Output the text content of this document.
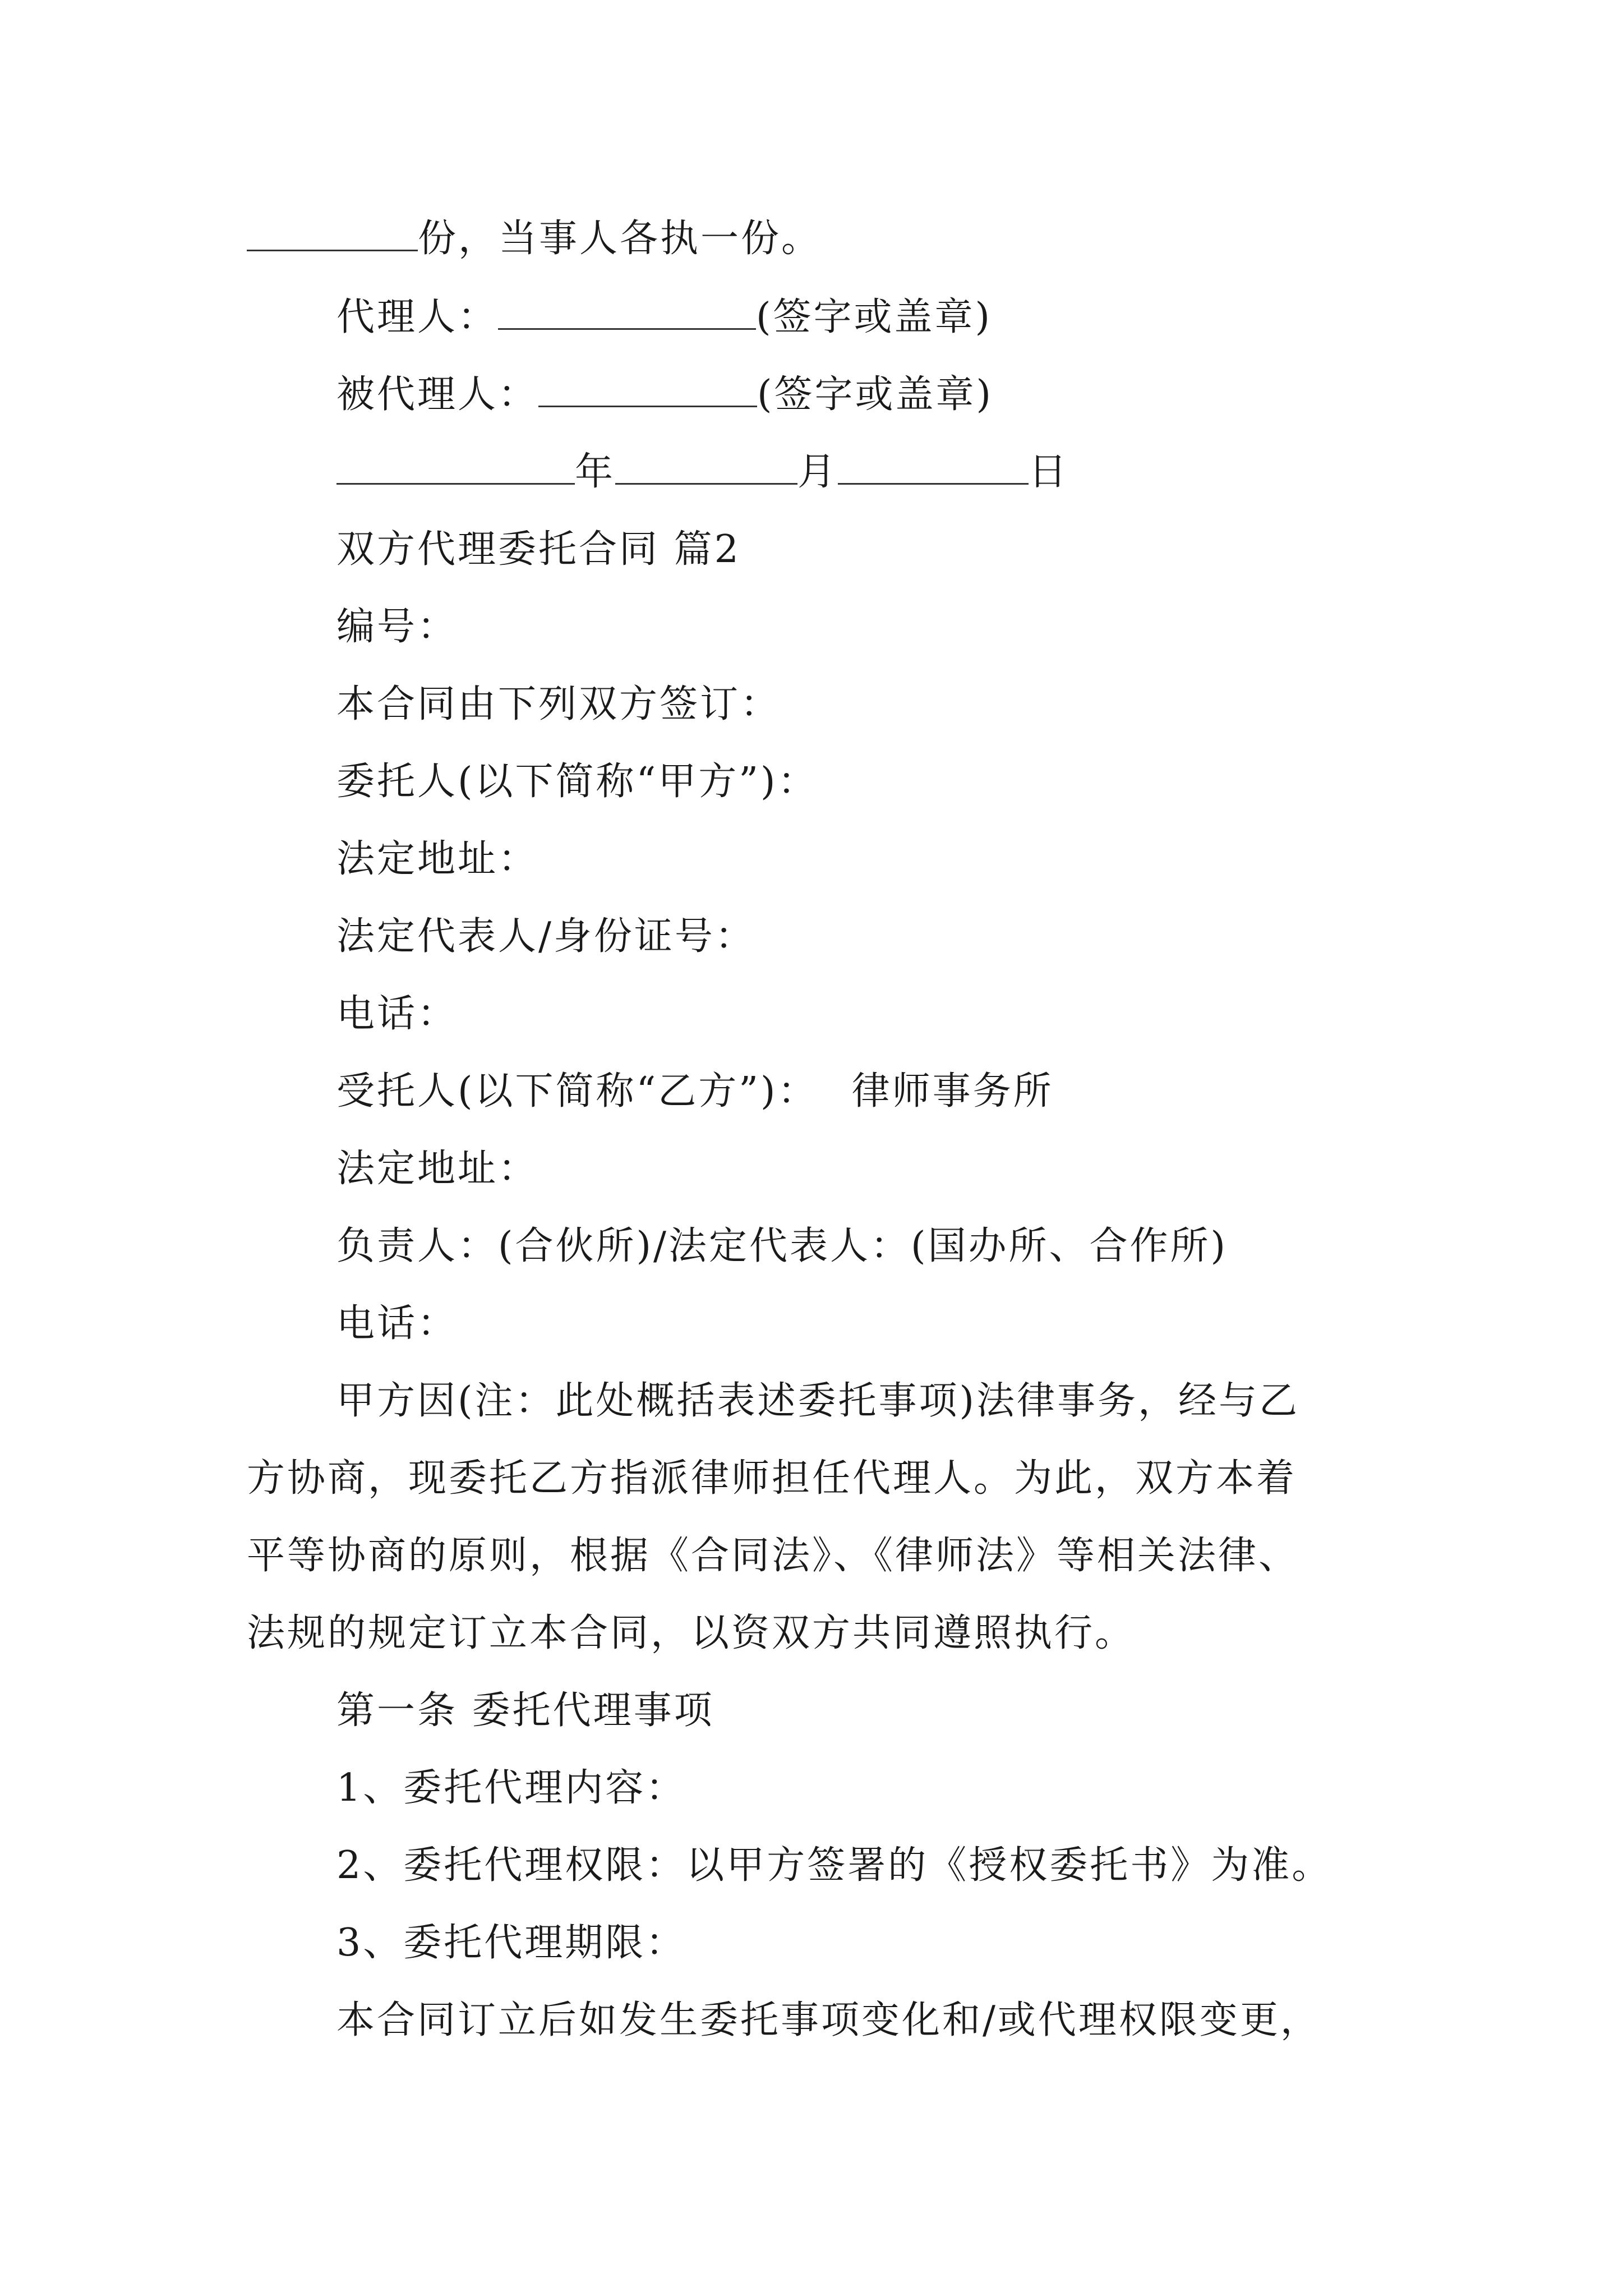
份，当事人各执一份。
代理人：	(签字或盖章)
被代理人：	(签字或盖章)
年	月	日
双方代理委托合同 篇2
编号：
本合同由下列双方签订：
委托人(以下简称“甲方”)：
法定地址：
法定代表人/身份证号：
电话：
受托人(以下简称“乙方”)： 律师事务所
法定地址：
负责人：(合伙所)/法定代表人：(国办所、合作所)
电话：
甲方因(注：此处概括表述委托事项)法律事务，经与乙
方协商，现委托乙方指派律师担任代理人。为此，双方本着
平等协商的原则，根据《合同法》、《律师法》等相关法律、
法规的规定订立本合同，以资双方共同遵照执行。
第一条 委托代理事项
1、委托代理内容：
2、委托代理权限：以甲方签署的《授权委托书》为准。
3、委托代理期限：
本合同订立后如发生委托事项变化和/或代理权限变更，
